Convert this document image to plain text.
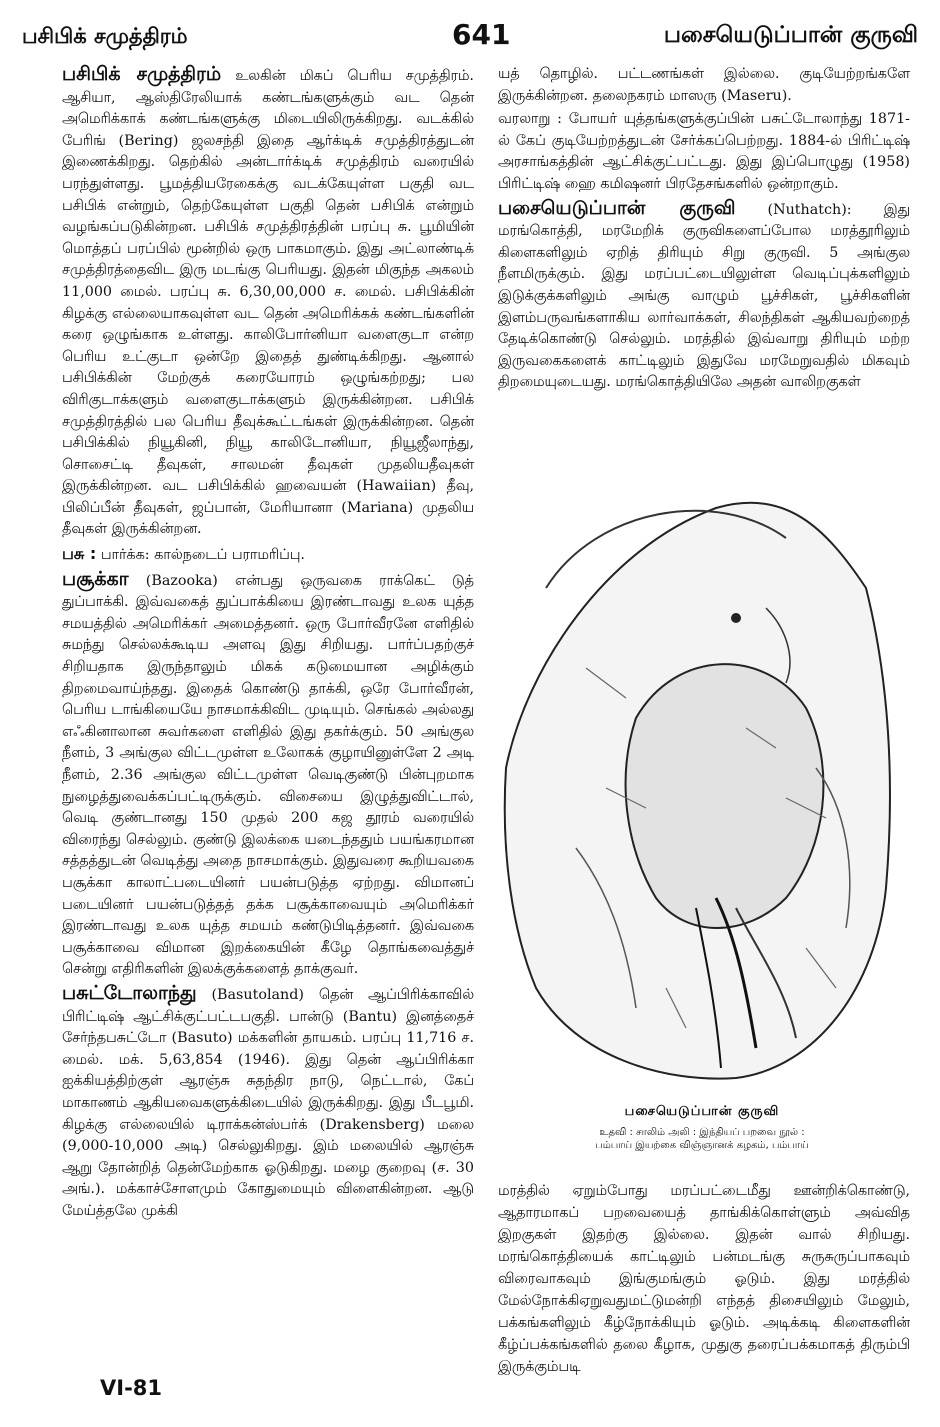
பசிபிக் சமுத்திரம்	641	பசையெடுப்பான் குருவி

பசிபிக் சமுத்திரம் உலகின் மிகப் பெரிய சமுத்திரம். ஆசியா, ஆஸ்திரேலியாக் கண்டங்களுக்கும் வட தென் அமெரிக்காக் கண்டங்களுக்கு மிடையிலிருக்கிறது. வடக்கில் பேரிங் (Bering) ஜலசந்தி இதை ஆர்க்டிக் சமுத்திரத்துடன் இணைக்கிறது. தெற்கில் அன்டார்க்டிக் சமுத்திரம் வரையில் பரந்துள்ளது. பூமத்தியரேகைக்கு வடக்கேயுள்ள பகுதி வட பசிபிக் என்றும், தெற்கேயுள்ள பகுதி தென் பசிபிக் என்றும் வழங்கப்படுகின்றன. பசிபிக் சமுத்திரத்தின் பரப்பு சு. பூமியின் மொத்தப் பரப்பில் மூன்றில் ஒரு பாகமாகும். இது அட்லாண்டிக் சமுத்திரத்தைவிட இரு மடங்கு பெரியது. இதன் மிகுந்த அகலம் 11,000 மைல். பரப்பு சு. 6,30,00,000 ச. மைல். பசிபிக்கின் கிழக்கு எல்லையாகவுள்ள வட தென் அமெரிக்கக் கண்டங்களின் கரை ஒழுங்காக உள்ளது. காலிபோர்னியா வளைகுடா என்ற பெரிய உட்குடா ஒன்றே இதைத் துண்டிக்கிறது. ஆனால் பசிபிக்கின் மேற்குக் கரையோரம் ஒழுங்கற்றது; பல விரிகுடாக்களும் வளைகுடாக்களும் இருக்கின்றன. பசிபிக் சமுத்திரத்தில் பல பெரிய தீவுக்கூட்டங்கள் இருக்கின்றன. தென் பசிபிக்கில் நியூகினி, நியூ காலிடோனியா, நியூஜீலாந்து, சொசைட்டி தீவுகள், சாலமன் தீவுகள் முதலியதீவுகள் இருக்கின்றன. வட பசிபிக்கில் ஹவையன் (Hawaiian) தீவு, பிலிப்பீன் தீவுகள், ஜப்பான், மேரியானா (Mariana) முதலிய தீவுகள் இருக்கின்றன.

பசு : பார்க்க: கால்நடைப் பராமரிப்பு.

பசூக்கா (Bazooka) என்பது ஒருவகை ராக்கெட் டுத் துப்பாக்கி. இவ்வகைத் துப்பாக்கியை இரண்டாவது உலக யுத்த சமயத்தில் அமெரிக்கர் அமைத்தனர். ஒரு போர்வீரனே எளிதில் சுமந்து செல்லக்கூடிய அளவு இது சிறியது. பார்ப்பதற்குச் சிறியதாக இருந்தாலும் மிகக் கடுமையான அழிக்கும் திறமைவாய்ந்தது. இதைக் கொண்டு தாக்கி, ஒரே போர்வீரன், பெரிய டாங்கியையே நாசமாக்கிவிட முடியும். செங்கல் அல்லது எஃகினாலான சுவர்களை எளிதில் இது தகர்க்கும். 50 அங்குல நீளம், 3 அங்குல விட்டமுள்ள உலோகக் குழாயினுள்ளே 2 அடி நீளம், 2.36 அங்குல விட்டமுள்ள வெடிகுண்டு பின்புறமாக நுழைத்துவைக்கப்பட்டிருக்கும். விசையை இழுத்துவிட்டால், வெடி குண்டானது 150 முதல் 200 கஜ தூரம் வரையில் விரைந்து செல்லும். குண்டு இலக்கை யடைந்ததும் பயங்கரமான சத்தத்துடன் வெடித்து அதை நாசமாக்கும். இதுவரை கூறியவகை பசூக்கா காலாட்படையினர் பயன்படுத்த ஏற்றது. விமானப் படையினர் பயன்படுத்தத் தக்க பசூக்காவையும் அமெரிக்கர் இரண்டாவது உலக யுத்த சமயம் கண்டுபிடித்தனர். இவ்வகை பசூக்காவை விமான இறக்கையின் கீழே தொங்கவைத்துச் சென்று எதிரிகளின் இலக்குக்களைத் தாக்குவர்.

பசுட்டோலாந்து (Basutoland) தென் ஆப்பிரிக்காவில் பிரிட்டிஷ் ஆட்சிக்குட்பட்டபகுதி. பான்டு (Bantu) இனத்தைச் சேர்ந்தபசுட்டோ (Basuto) மக்களின் தாயகம். பரப்பு 11,716 ச. மைல். மக். 5,63,854 (1946). இது தென் ஆப்பிரிக்கா ஐக்கியத்திற்குள் ஆரஞ்சு சுதந்திர நாடு, நெட்டால், கேப் மாகாணம் ஆகியவைகளுக்கிடையில் இருக்கிறது. இது பீடபூமி. கிழக்கு எல்லையில் டிராக்கன்ஸ்பர்க் (Drakensberg) மலை (9,000-10,000 அடி) செல்லுகிறது. இம் மலையில் ஆரஞ்சு ஆறு தோன்றித் தென்மேற்காக ஓடுகிறது. மழை குறைவு (ச. 30 அங்.). மக்காச்சோளமும் கோதுமையும் விளைகின்றன. ஆடு மேய்த்தலே முக்கி

யத் தொழில். பட்டணங்கள் இல்லை. குடியேற்றங்களே இருக்கின்றன. தலைநகரம் மாஸரு (Maseru).

வரலாறு : போயர் யுத்தங்களுக்குப்பின் பசுட்டோலாந்து 1871-ல் கேப் குடியேற்றத்துடன் சேர்க்கப்பெற்றது. 1884-ல் பிரிட்டிஷ் அரசாங்கத்தின் ஆட்சிக்குட்பட்டது. இது இப்பொழுது (1958) பிரிட்டிஷ் ஹை கமிஷனர் பிரதேசங்களில் ஒன்றாகும்.

பசையெடுப்பான் குருவி (Nuthatch): இது மரங்கொத்தி, மரமேறிக் குருவிகளைப்போல மரத்தூரிலும் கிளைகளிலும் ஏறித் திரியும் சிறு குருவி. 5 அங்குல நீளமிருக்கும். இது மரப்பட்டையிலுள்ள வெடிப்புக்களிலும் இடுக்குக்களிலும் அங்கு வாழும் பூச்சிகள், பூச்சிகளின் இளம்பருவங்களாகிய லார்வாக்கள், சிலந்திகள் ஆகியவற்றைத் தேடிக்கொண்டு செல்லும். மரத்தில் இவ்வாறு திரியும் மற்ற இருவகைகளைக் காட்டிலும் இதுவே மரமேறுவதில் மிகவும் திறமையுடையது. மரங்கொத்தியிலே அதன் வாலிறகுகள்

பசையெடுப்பான் குருவி
உதவி : சாலிம் அலி : இந்தியப் பறவை நூல் :
பம்பாய் இயற்கை விஞ்ஞானக் கழகம், பம்பாய்

மரத்தில் ஏறும்போது மரப்பட்டைமீது ஊன்றிக்கொண்டு, ஆதாரமாகப் பறவையைத் தாங்கிக்கொள்ளும் அவ்வித இறகுகள் இதற்கு இல்லை. இதன் வால் சிறியது. மரங்கொத்தியைக் காட்டிலும் பன்மடங்கு சுருசுருப்பாகவும் விரைவாகவும் இங்குமங்கும் ஓடும். இது மரத்தில் மேல்நோக்கிஏறுவதுமட்டுமன்றி எந்தத் திசையிலும் மேலும், பக்கங்களிலும் கீழ்நோக்கியும் ஓடும். அடிக்கடி கிளைகளின் கீழ்ப்பக்கங்களில் தலை கீழாக, முதுகு தரைப்பக்கமாகத் திரும்பி இருக்கும்படி

VI-81
